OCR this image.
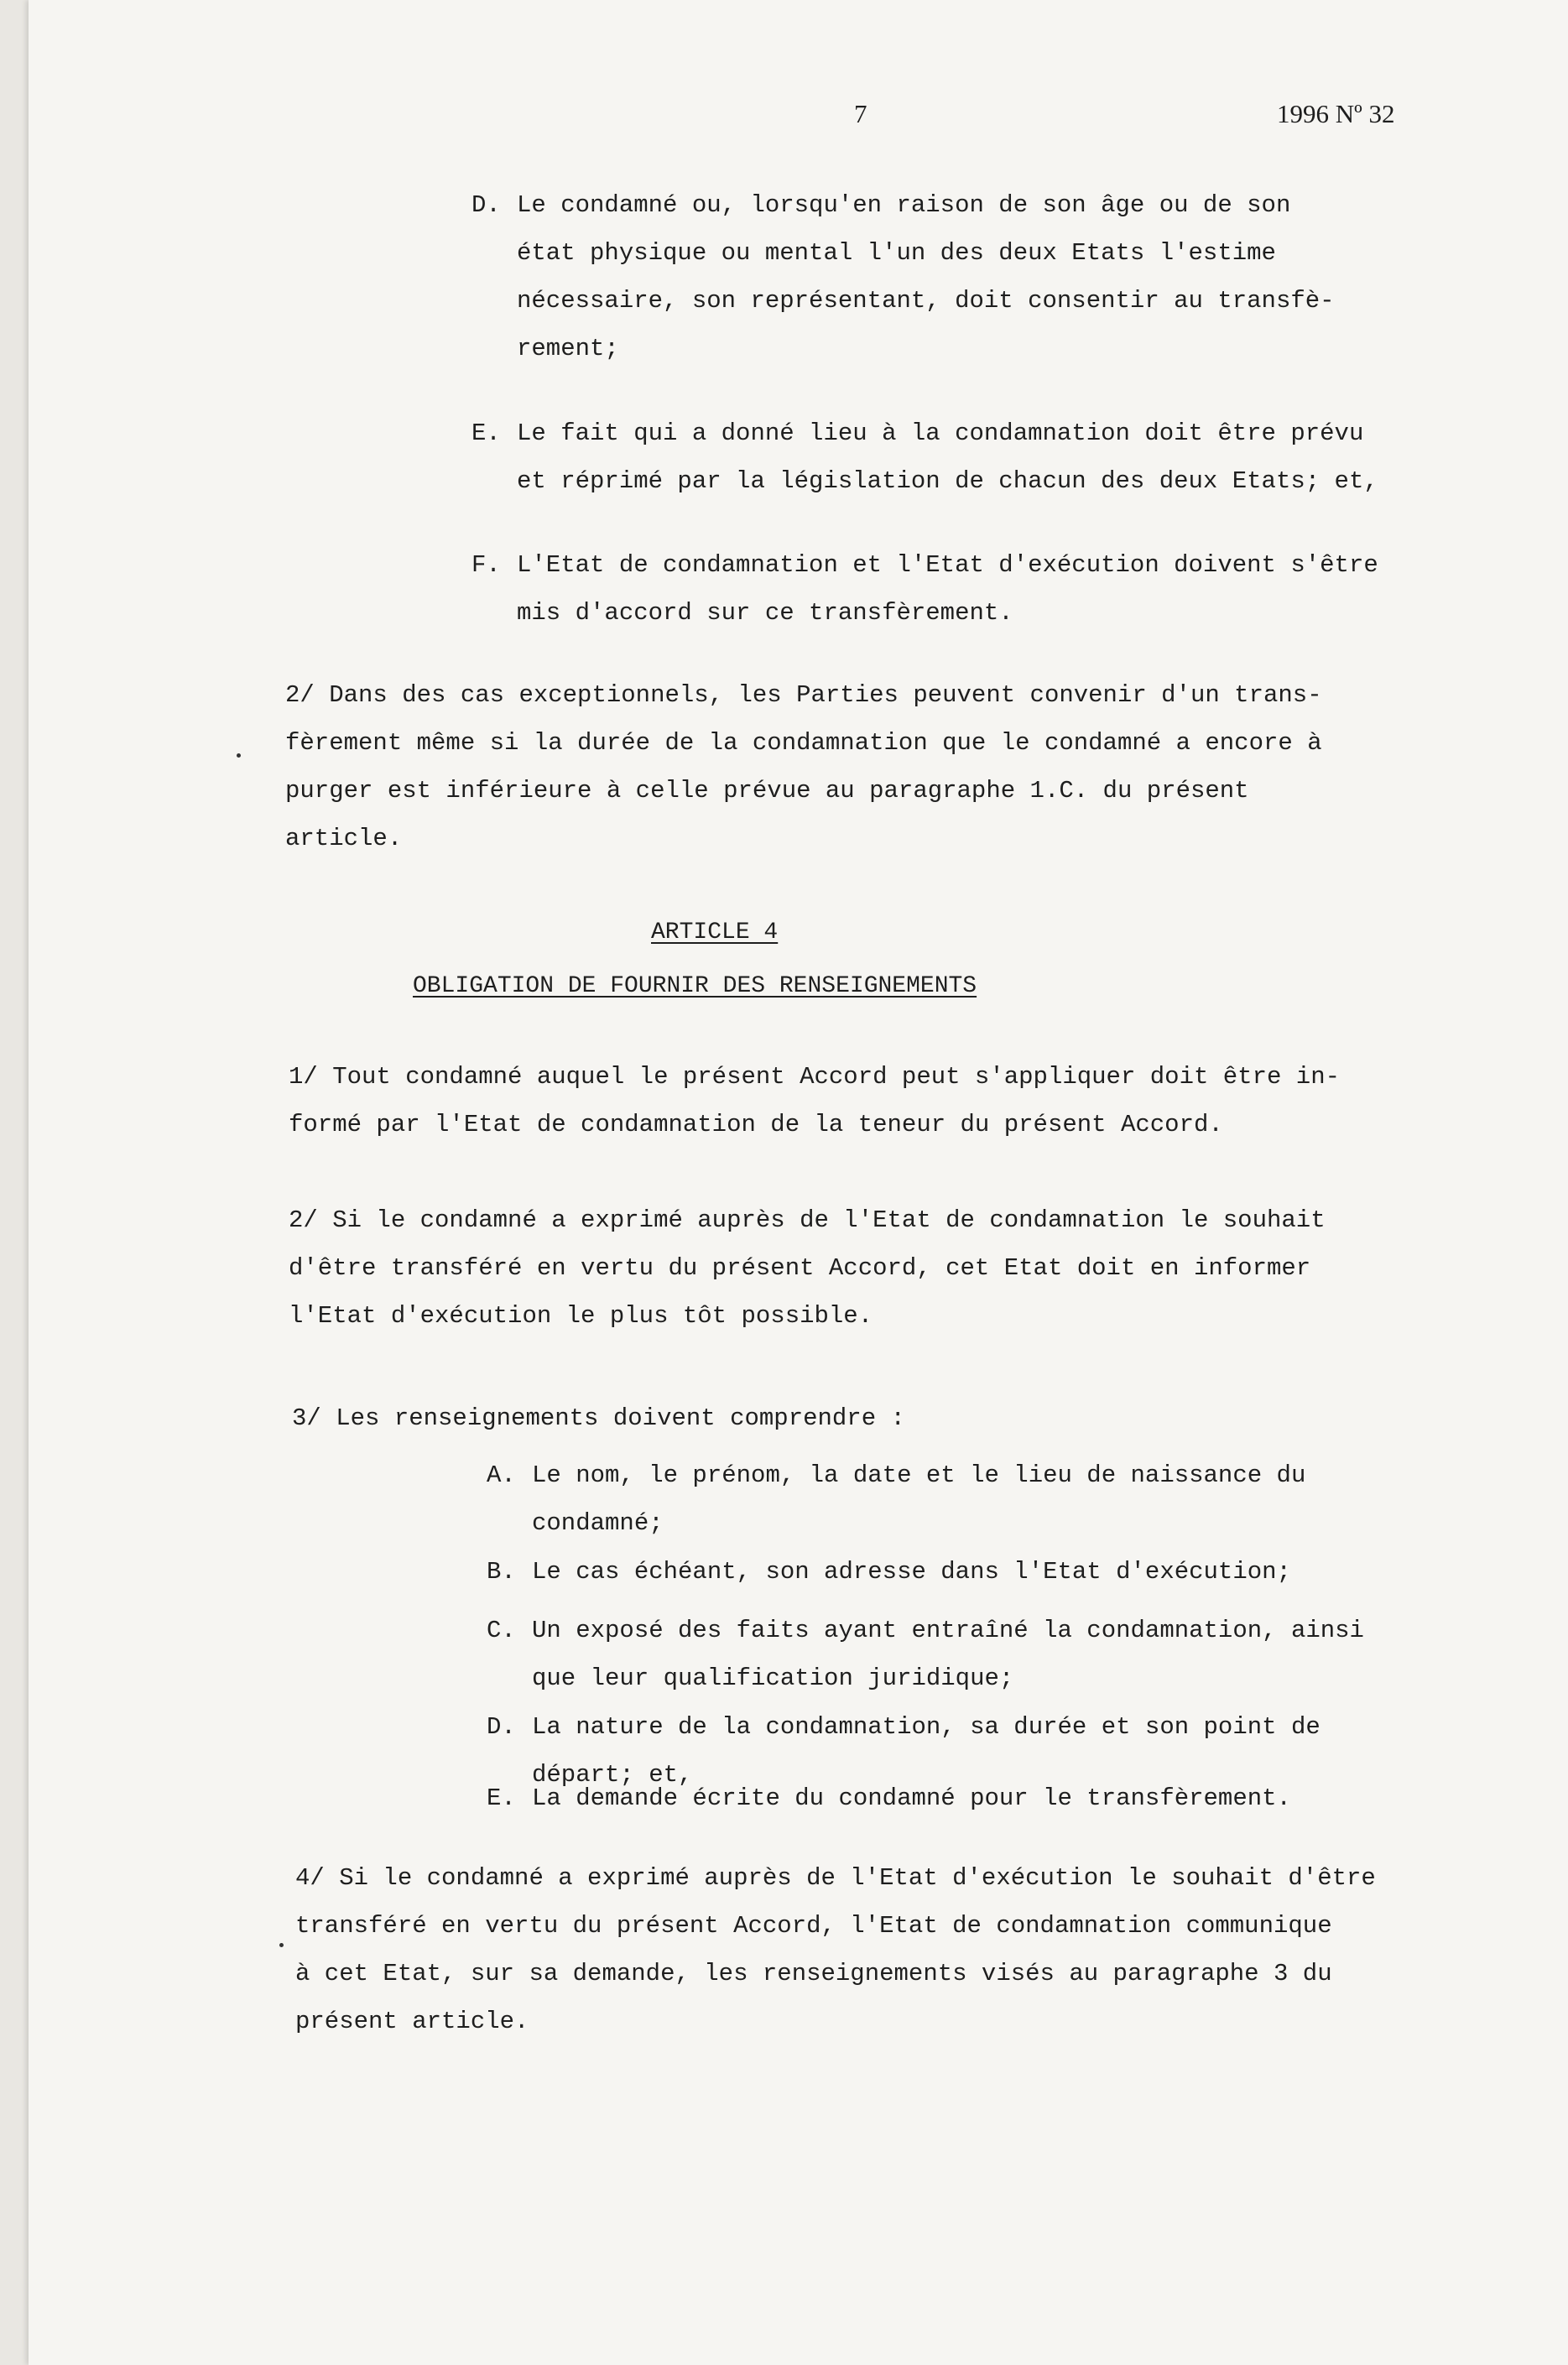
7	1996 Nº 32

D. Le condamné ou, lorsqu'en raison de son âge ou de son

état physique ou mental l'un des deux Etats l'estime

nécessaire, son représentant, doit consentir au transfè-

rement;

E. Le fait qui a donné lieu à la condamnation doit être prévu

et réprimé par la législation de chacun des deux Etats; et,

F. L'Etat de condamnation et l'Etat d'exécution doivent s'être

mis d'accord sur ce transfèrement.

2/ Dans des cas exceptionnels, les Parties peuvent convenir d'un trans-

fèrement même si la durée de la condamnation que le condamné a encore à

purger est inférieure à celle prévue au paragraphe 1.C. du présent

article.

ARTICLE 4
OBLIGATION DE FOURNIR DES RENSEIGNEMENTS

1/ Tout condamné auquel le présent Accord peut s'appliquer doit être in-

formé par l'Etat de condamnation de la teneur du présent Accord.

2/ Si le condamné a exprimé auprès de l'Etat de condamnation le souhait

d'être transféré en vertu du présent Accord, cet Etat doit en informer

l'Etat d'exécution le plus tôt possible.

3/ Les renseignements doivent comprendre :

A. Le nom, le prénom, la date et le lieu de naissance du

condamné;

B. Le cas échéant, son adresse dans l'Etat d'exécution;

C. Un exposé des faits ayant entraîné la condamnation, ainsi

que leur qualification juridique;

D. La nature de la condamnation, sa durée et son point de

départ; et,

E. La demande écrite du condamné pour le transfèrement.

4/ Si le condamné a exprimé auprès de l'Etat d'exécution le souhait d'être

transféré en vertu du présent Accord, l'Etat de condamnation communique

à cet Etat, sur sa demande, les renseignements visés au paragraphe 3 du

présent article.
